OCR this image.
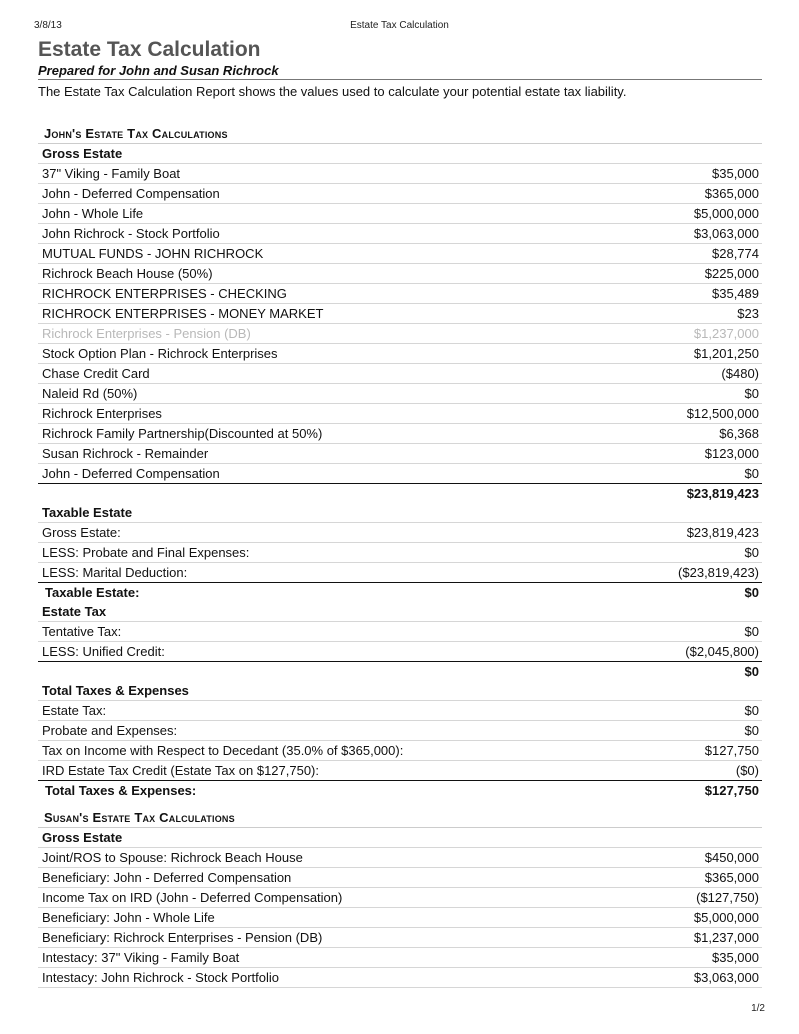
3/8/13	Estate Tax Calculation
Estate Tax Calculation
Prepared for John and Susan Richrock
The Estate Tax Calculation Report shows the values used to calculate your potential estate tax liability.
John's Estate Tax Calculations
Gross Estate
37" Viking - Family Boat	$35,000
John - Deferred Compensation	$365,000
John - Whole Life	$5,000,000
John Richrock - Stock Portfolio	$3,063,000
MUTUAL FUNDS - JOHN RICHROCK	$28,774
Richrock Beach House (50%)	$225,000
RICHROCK ENTERPRISES - CHECKING	$35,489
RICHROCK ENTERPRISES - MONEY MARKET	$23
Richrock Enterprises - Pension (DB)	$1,237,000
Stock Option Plan - Richrock Enterprises	$1,201,250
Chase Credit Card	($480)
Naleid Rd (50%)	$0
Richrock Enterprises	$12,500,000
Richrock Family Partnership(Discounted at 50%)	$6,368
Susan Richrock - Remainder	$123,000
John - Deferred Compensation	$0
$23,819,423
Taxable Estate
Gross Estate:	$23,819,423
LESS: Probate and Final Expenses:	$0
LESS: Marital Deduction:	($23,819,423)
Taxable Estate:	$0
Estate Tax
Tentative Tax:	$0
LESS: Unified Credit:	($2,045,800)
$0
Total Taxes & Expenses
Estate Tax:	$0
Probate and Expenses:	$0
Tax on Income with Respect to Decedant (35.0% of $365,000):	$127,750
IRD Estate Tax Credit (Estate Tax on $127,750):	($0)
Total Taxes & Expenses:	$127,750
Susan's Estate Tax Calculations
Gross Estate
Joint/ROS to Spouse: Richrock Beach House	$450,000
Beneficiary: John - Deferred Compensation	$365,000
Income Tax on IRD (John - Deferred Compensation)	($127,750)
Beneficiary: John - Whole Life	$5,000,000
Beneficiary: Richrock Enterprises - Pension (DB)	$1,237,000
Intestacy: 37" Viking - Family Boat	$35,000
Intestacy: John Richrock - Stock Portfolio	$3,063,000
1/2
